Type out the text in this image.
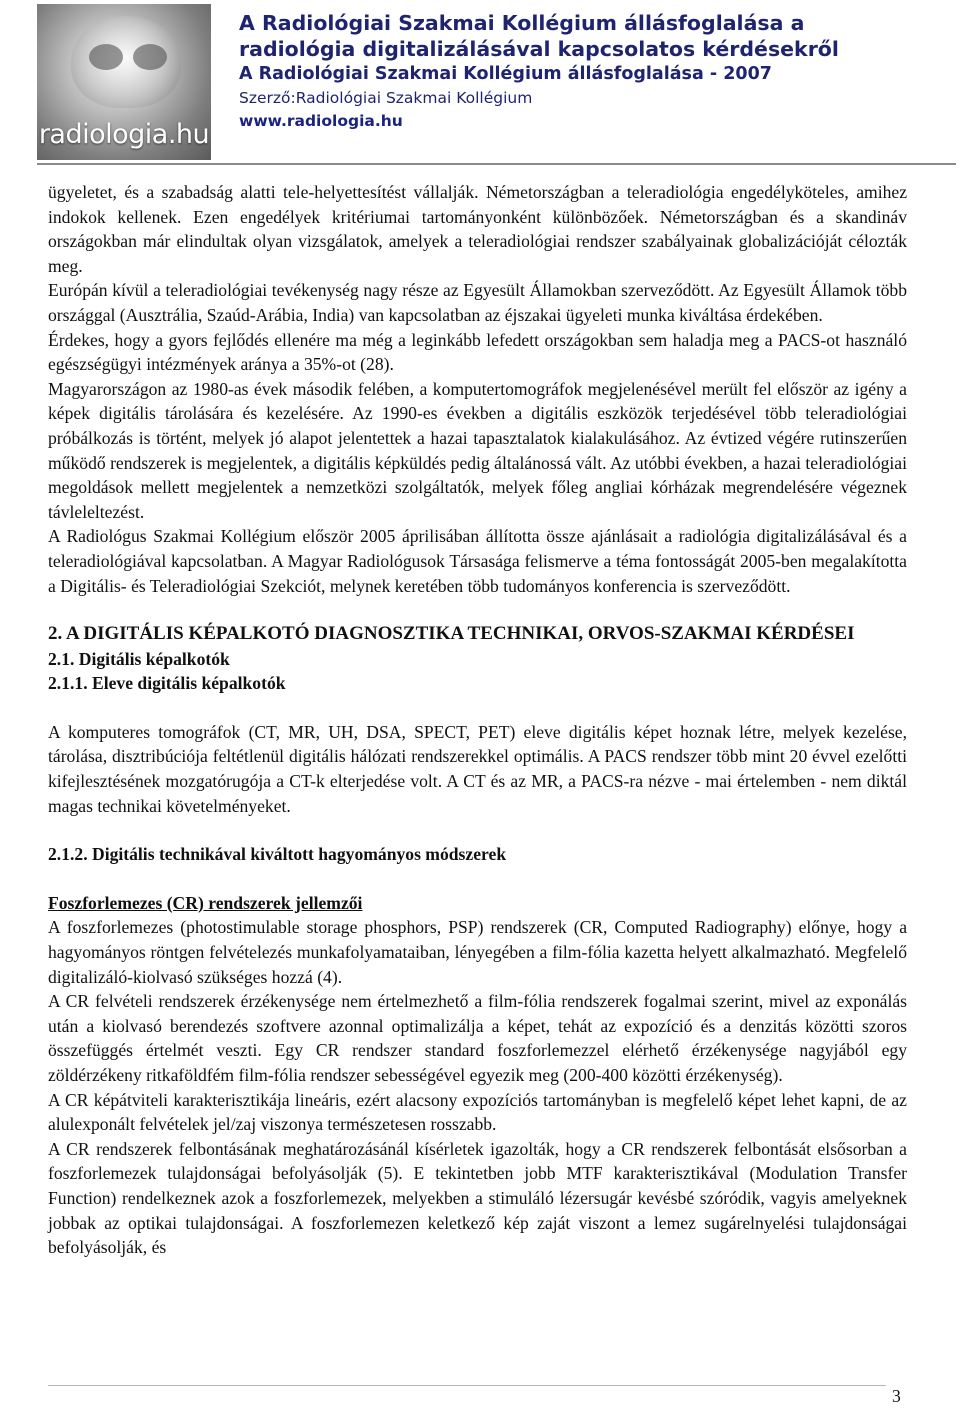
radiologia.hu
A Radiológiai Szakmai Kollégium állásfoglalása a
radiológia digitalizálásával kapcsolatos kérdésekről
A Radiológiai Szakmai Kollégium állásfoglalása - 2007
Szerző:Radiológiai Szakmai Kollégium
www.radiologia.hu

ügyeletet, és a szabadság alatti tele-helyettesítést vállalják. Németországban a teleradiológia engedélyköteles, amihez indokok kellenek. Ezen engedélyek kritériumai tartományonként különbözőek. Németországban és a skandináv országokban már elindultak olyan vizsgálatok, amelyek a teleradiológiai rendszer szabályainak globalizációját célozták meg.

Európán kívül a teleradiológiai tevékenység nagy része az Egyesült Államokban szerveződött. Az Egyesült Államok több országgal (Ausztrália, Szaúd-Arábia, India) van kapcsolatban az éjszakai ügyeleti munka kiváltása érdekében.

Érdekes, hogy a gyors fejlődés ellenére ma még a leginkább lefedett országokban sem haladja meg a PACS-ot használó egészségügyi intézmények aránya a 35%-ot (28).

Magyarországon az 1980-as évek második felében, a komputertomográfok megjelenésével merült fel először az igény a képek digitális tárolására és kezelésére. Az 1990-es években a digitális eszközök terjedésével több teleradiológiai próbálkozás is történt, melyek jó alapot jelentettek a hazai tapasztalatok kialakulásához. Az évtized végére rutinszerűen működő rendszerek is megjelentek, a digitális képküldés pedig általánossá vált. Az utóbbi években, a hazai teleradiológiai megoldások mellett megjelentek a nemzetközi szolgáltatók, melyek főleg angliai kórházak megrendelésére végeznek távleleltezést.

A Radiológus Szakmai Kollégium először 2005 áprilisában állította össze ajánlásait a radiológia digitalizálásával és a teleradiológiával kapcsolatban. A Magyar Radiológusok Társasága felismerve a téma fontosságát 2005-ben megalakította a Digitális- és Teleradiológiai Szekciót, melynek keretében több tudományos konferencia is szerveződött.

2. A DIGITÁLIS KÉPALKOTÓ DIAGNOSZTIKA TECHNIKAI, ORVOS-SZAKMAI KÉRDÉSEI

2.1. Digitális képalkotók

2.1.1. Eleve digitális képalkotók

A komputeres tomográfok (CT, MR, UH, DSA, SPECT, PET) eleve digitális képet hoznak létre, melyek kezelése, tárolása, disztribúciója feltétlenül digitális hálózati rendszerekkel optimális. A PACS rendszer több mint 20 évvel ezelőtti kifejlesztésének mozgatórugója a CT-k elterjedése volt. A CT és az MR, a PACS-ra nézve - mai értelemben - nem diktál magas technikai követelményeket.

2.1.2. Digitális technikával kiváltott hagyományos módszerek

Foszforlemezes (CR) rendszerek jellemzői

A foszforlemezes (photostimulable storage phosphors, PSP) rendszerek (CR, Computed Radiography) előnye, hogy a hagyományos röntgen felvételezés munkafolyamataiban, lényegében a film-fólia kazetta helyett alkalmazható. Megfelelő digitalizáló-kiolvasó szükséges hozzá (4).

A CR felvételi rendszerek érzékenysége nem értelmezhető a film-fólia rendszerek fogalmai szerint, mivel az exponálás után a kiolvasó berendezés szoftvere azonnal optimalizálja a képet, tehát az expozíció és a denzitás közötti szoros összefüggés értelmét veszti. Egy CR rendszer standard foszforlemezzel elérhető érzékenysége nagyjából egy zöldérzékeny ritkaföldfém film-fólia rendszer sebességével egyezik meg (200-400 közötti érzékenység).

A CR képátviteli karakterisztikája lineáris, ezért alacsony expozíciós tartományban is megfelelő képet lehet kapni, de az alulexponált felvételek jel/zaj viszonya természetesen rosszabb.

A CR rendszerek felbontásának meghatározásánál kísérletek igazolták, hogy a CR rendszerek felbontását elsősorban a foszforlemezek tulajdonságai befolyásolják (5). E tekintetben jobb MTF karakterisztikával (Modulation Transfer Function) rendelkeznek azok a foszforlemezek, melyekben a stimuláló lézersugár kevésbé szóródik, vagyis amelyeknek jobbak az optikai tulajdonságai. A foszforlemezen keletkező kép zaját viszont a lemez sugárelnyelési tulajdonságai befolyásolják, és

3
